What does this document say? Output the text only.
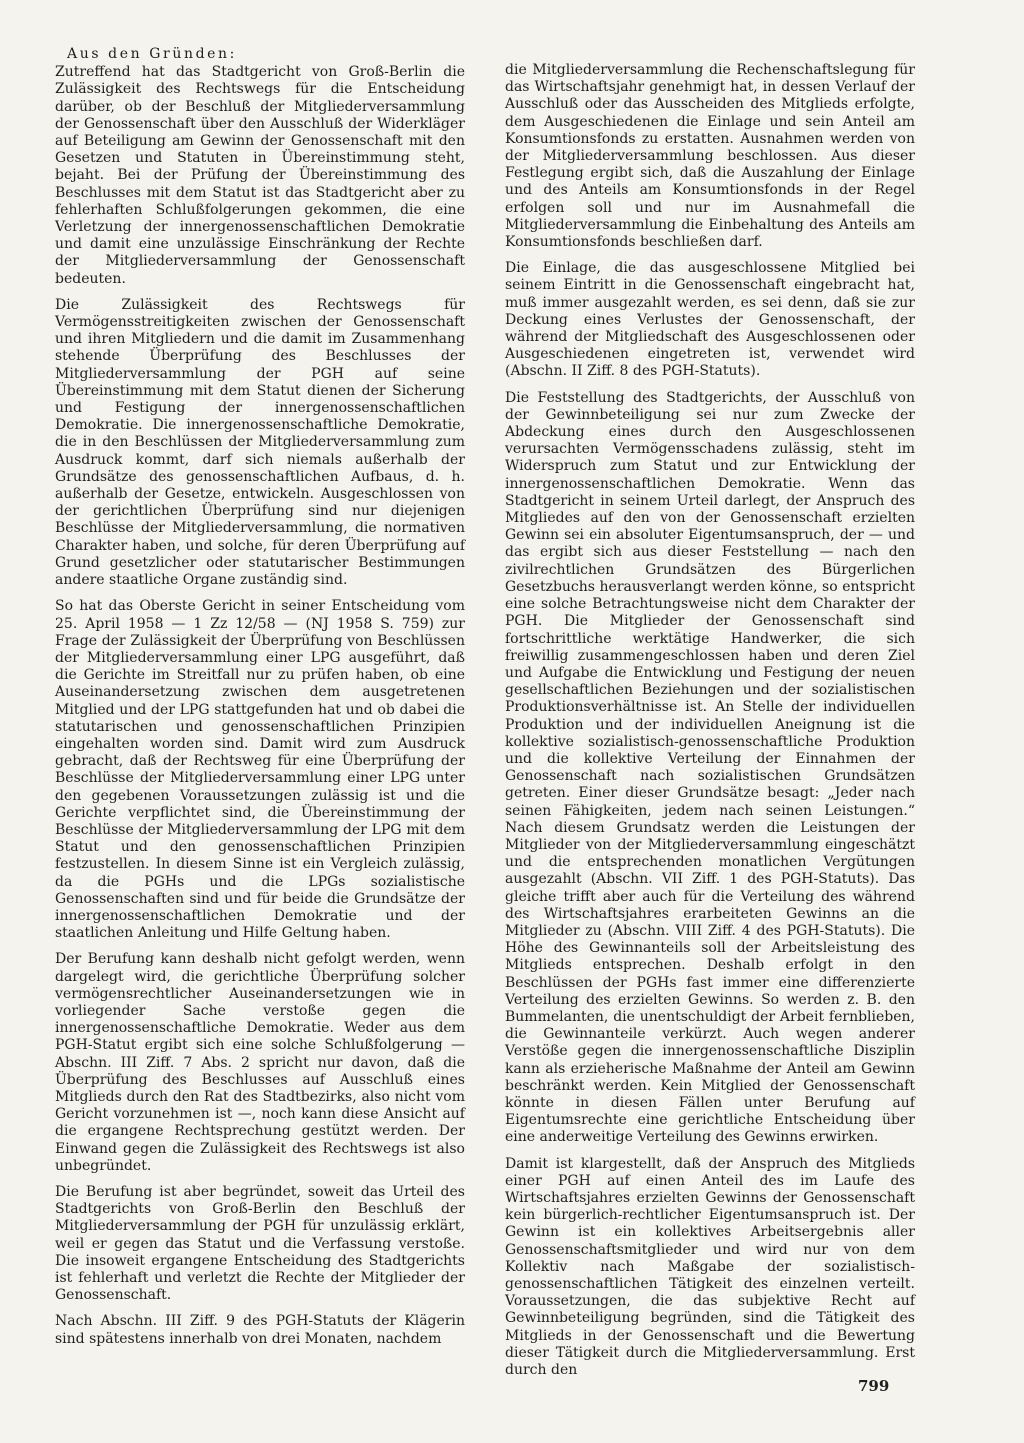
Aus den Gründen:

Zutreffend hat das Stadtgericht von Groß-Berlin die Zulässigkeit des Rechtswegs für die Entscheidung darüber, ob der Beschluß der Mitgliederversammlung der Genossenschaft über den Ausschluß der Widerkläger auf Beteiligung am Gewinn der Genossenschaft mit den Gesetzen und Statuten in Übereinstimmung steht, bejaht. Bei der Prüfung der Übereinstimmung des Beschlusses mit dem Statut ist das Stadtgericht aber zu fehlerhaften Schlußfolgerungen gekommen, die eine Verletzung der innergenossenschaftlichen Demokratie und damit eine unzulässige Einschränkung der Rechte der Mitgliederversammlung der Genossenschaft bedeuten.

Die Zulässigkeit des Rechtswegs für Vermögensstreitigkeiten zwischen der Genossenschaft und ihren Mitgliedern und die damit im Zusammenhang stehende Überprüfung des Beschlusses der Mitgliederversammlung der PGH auf seine Übereinstimmung mit dem Statut dienen der Sicherung und Festigung der innergenossenschaftlichen Demokratie. Die innergenossenschaftliche Demokratie, die in den Beschlüssen der Mitgliederversammlung zum Ausdruck kommt, darf sich niemals außerhalb der Grundsätze des genossenschaftlichen Aufbaus, d. h. außerhalb der Gesetze, entwickeln. Ausgeschlossen von der gerichtlichen Überprüfung sind nur diejenigen Beschlüsse der Mitgliederversammlung, die normativen Charakter haben, und solche, für deren Überprüfung auf Grund gesetzlicher oder statutarischer Bestimmungen andere staatliche Organe zuständig sind.

So hat das Oberste Gericht in seiner Entscheidung vom 25. April 1958 — 1 Zz 12/58 — (NJ 1958 S. 759) zur Frage der Zulässigkeit der Überprüfung von Beschlüssen der Mitgliederversammlung einer LPG ausgeführt, daß die Gerichte im Streitfall nur zu prüfen haben, ob eine Auseinandersetzung zwischen dem ausgetretenen Mitglied und der LPG stattgefunden hat und ob dabei die statutarischen und genossenschaftlichen Prinzipien eingehalten worden sind. Damit wird zum Ausdruck gebracht, daß der Rechtsweg für eine Überprüfung der Beschlüsse der Mitgliederversammlung einer LPG unter den gegebenen Voraussetzungen zulässig ist und die Gerichte verpflichtet sind, die Übereinstimmung der Beschlüsse der Mitgliederversammlung der LPG mit dem Statut und den genossenschaftlichen Prinzipien festzustellen. In diesem Sinne ist ein Vergleich zulässig, da die PGHs und die LPGs sozialistische Genossenschaften sind und für beide die Grundsätze der innergenossenschaftlichen Demokratie und der staatlichen Anleitung und Hilfe Geltung haben.

Der Berufung kann deshalb nicht gefolgt werden, wenn dargelegt wird, die gerichtliche Überprüfung solcher vermögensrechtlicher Auseinandersetzungen wie in vorliegender Sache verstoße gegen die innergenossenschaftliche Demokratie. Weder aus dem PGH-Statut ergibt sich eine solche Schlußfolgerung — Abschn. III Ziff. 7 Abs. 2 spricht nur davon, daß die Überprüfung des Beschlusses auf Ausschluß eines Mitglieds durch den Rat des Stadtbezirks, also nicht vom Gericht vorzunehmen ist —, noch kann diese Ansicht auf die ergangene Rechtsprechung gestützt werden. Der Einwand gegen die Zulässigkeit des Rechtswegs ist also unbegründet.

Die Berufung ist aber begründet, soweit das Urteil des Stadtgerichts von Groß-Berlin den Beschluß der Mitgliederversammlung der PGH für unzulässig erklärt, weil er gegen das Statut und die Verfassung verstoße. Die insoweit ergangene Entscheidung des Stadtgerichts ist fehlerhaft und verletzt die Rechte der Mitglieder der Genossenschaft.

Nach Abschn. III Ziff. 9 des PGH-Statuts der Klägerin sind spätestens innerhalb von drei Monaten, nachdem

die Mitgliederversammlung die Rechenschaftslegung für das Wirtschaftsjahr genehmigt hat, in dessen Verlauf der Ausschluß oder das Ausscheiden des Mitglieds erfolgte, dem Ausgeschiedenen die Einlage und sein Anteil am Konsumtionsfonds zu erstatten. Ausnahmen werden von der Mitgliederversammlung beschlossen. Aus dieser Festlegung ergibt sich, daß die Auszahlung der Einlage und des Anteils am Konsumtionsfonds in der Regel erfolgen soll und nur im Ausnahmefall die Mitgliederversammlung die Einbehaltung des Anteils am Konsumtionsfonds beschließen darf.

Die Einlage, die das ausgeschlossene Mitglied bei seinem Eintritt in die Genossenschaft eingebracht hat, muß immer ausgezahlt werden, es sei denn, daß sie zur Deckung eines Verlustes der Genossenschaft, der während der Mitgliedschaft des Ausgeschlossenen oder Ausgeschiedenen eingetreten ist, verwendet wird (Abschn. II Ziff. 8 des PGH-Statuts).

Die Feststellung des Stadtgerichts, der Ausschluß von der Gewinnbeteiligung sei nur zum Zwecke der Abdeckung eines durch den Ausgeschlossenen verursachten Vermögensschadens zulässig, steht im Widerspruch zum Statut und zur Entwicklung der innergenossenschaftlichen Demokratie. Wenn das Stadtgericht in seinem Urteil darlegt, der Anspruch des Mitgliedes auf den von der Genossenschaft erzielten Gewinn sei ein absoluter Eigentumsanspruch, der — und das ergibt sich aus dieser Feststellung — nach den zivilrechtlichen Grundsätzen des Bürgerlichen Gesetzbuchs herausverlangt werden könne, so entspricht eine solche Betrachtungsweise nicht dem Charakter der PGH. Die Mitglieder der Genossenschaft sind fortschrittliche werktätige Handwerker, die sich freiwillig zusammengeschlossen haben und deren Ziel und Aufgabe die Entwicklung und Festigung der neuen gesellschaftlichen Beziehungen und der sozialistischen Produktionsverhältnisse ist. An Stelle der individuellen Produktion und der individuellen Aneignung ist die kollektive sozialistisch-genossenschaftliche Produktion und die kollektive Verteilung der Einnahmen der Genossenschaft nach sozialistischen Grundsätzen getreten. Einer dieser Grundsätze besagt: „Jeder nach seinen Fähigkeiten, jedem nach seinen Leistungen.“ Nach diesem Grundsatz werden die Leistungen der Mitglieder von der Mitgliederversammlung eingeschätzt und die entsprechenden monatlichen Vergütungen ausgezahlt (Abschn. VII Ziff. 1 des PGH-Statuts). Das gleiche trifft aber auch für die Verteilung des während des Wirtschaftsjahres erarbeiteten Gewinns an die Mitglieder zu (Abschn. VIII Ziff. 4 des PGH-Statuts). Die Höhe des Gewinnanteils soll der Arbeitsleistung des Mitglieds entsprechen. Deshalb erfolgt in den Beschlüssen der PGHs fast immer eine differenzierte Verteilung des erzielten Gewinns. So werden z. B. den Bummelanten, die unentschuldigt der Arbeit fernblieben, die Gewinnanteile verkürzt. Auch wegen anderer Verstöße gegen die innergenossenschaftliche Disziplin kann als erzieherische Maßnahme der Anteil am Gewinn beschränkt werden. Kein Mitglied der Genossenschaft könnte in diesen Fällen unter Berufung auf Eigentumsrechte eine gerichtliche Entscheidung über eine anderweitige Verteilung des Gewinns erwirken.

Damit ist klargestellt, daß der Anspruch des Mitglieds einer PGH auf einen Anteil des im Laufe des Wirtschaftsjahres erzielten Gewinns der Genossenschaft kein bürgerlich-rechtlicher Eigentumsanspruch ist. Der Gewinn ist ein kollektives Arbeitsergebnis aller Genossenschaftsmitglieder und wird nur von dem Kollektiv nach Maßgabe der sozialistisch-genossenschaftlichen Tätigkeit des einzelnen verteilt. Voraussetzungen, die das subjektive Recht auf Gewinnbeteiligung begründen, sind die Tätigkeit des Mitglieds in der Genossenschaft und die Bewertung dieser Tätigkeit durch die Mitgliederversammlung. Erst durch den

799
